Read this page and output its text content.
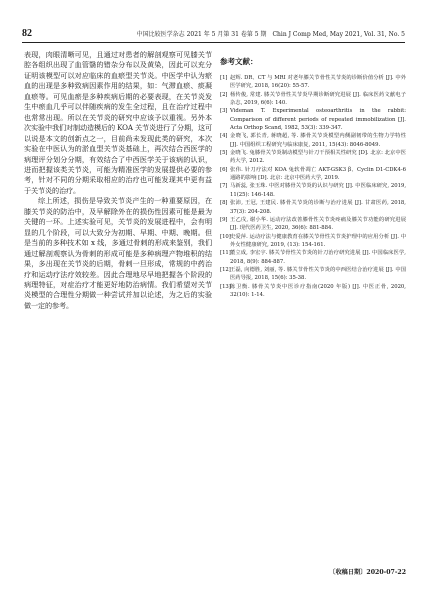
82	中国比较医学杂志 2021 年 5 月第 31 卷第 5 期　Chin J Comp Med, May 2021, Vol. 31, No. 5

表现，肉眼清晰可见，且通过对患者的解剖观察可见膝关节腔各组织出现了血管翳的错杂分布以及黄染，因此可以充分证明该模型可以对应临床的血瘀型关节炎。中医学中认为瘀血的出现是多种致病因素作用的结果，如：气滞血瘀、痰凝血瘀等。可见血瘀是多种疾病后期的必要表现，在关节炎发生中瘀血几乎可以伴随疾病的发生全过程，且在治疗过程中也常常出现。所以在关节炎的研究中应该予以重视。另外本次实验中我们对制动造模后的 KOA 关节炎进行了分期，这可以说是本文的创新点之一，目前尚未发现此类的研究，本次实验在中医认为的淤血型关节炎基础上，再次结合西医学的病理评分划分分期，有效结合了中西医学关于该病的认识，进而把握该类关节炎，可能为精准医学的发展提供必要的参考，针对不同的分期采取相应的治疗也可能发现其中更有益于关节炎的治疗。

综上所述，损伤是导致关节炎产生的一种重要原因，在膝关节炎的防治中，及早解除外在的损伤性因素可能是最为关键的一环。上述实验可见，关节炎的发展进程中，会有明显的几个阶段，可以大致分为初期、早期、中期、晚期。但是当前的多种技术如 x 线，多通过骨刺的形成来鉴别，我们通过解剖观察认为骨刺的形成可能是多种病理产物堆积的结果，多出现在关节炎的后期，骨刺一旦形成，常规的中药治疗和运动疗法疗效较差。因此合理地尽早地把握各个阶段的病理特征，对症治疗才能更好地防治病情。我们希望对关节炎模型的合理性分期做一种尝试并加以论述，为之后的实验做一定的参考。

参考文献：
[1] 赵辉. DR、CT 与 MRI 对老年膝关节骨性关节炎的诊断价值分析 [J]. 中外医学研究, 2018, 16(20): 55-57.
[2] 杨传俊, 常建. 膝关节骨性关节炎早期诊断研究进展 [J]. 临床医药文献电子杂志, 2019, 6(6): 140.
[3] Videman T. Experimental osteoarthritis in the rabbit: Comparison of different periods of repeated immobilization [J]. Acta Orthop Scand, 1982, 53(3): 339-347.
[4] 金晓飞, 郭长青, 蒋晓超, 等. 膝骨关节炎模型内侧副韧带的生物力学特性 [J]. 中国组织工程研究与临床康复, 2011, 15(43): 8046-8049.
[5] 金晓飞. 兔膝骨关节炎制动模型与针刀干预相关性研究 [D]. 北京: 北京中医药大学, 2012.
[6] 张伟. 针刀疗法对 KOA 兔软骨凋亡 AKT-GSK3 β、Cyclin D1-CDK4-6 通路的影响 [D]. 北京: 北京中医药大学, 2019.
[7] 马新蕊, 张玉珠. 中医对膝骨关节炎的认识与研究 [J]. 中医临床研究, 2019, 11(25): 146-148.
[8] 张沛, 王冠, 王建民. 膝骨关节炎的诊断与治疗进展 [J]. 甘肃医药, 2018, 37(3): 204-208.
[9] 王乙戌, 谢小华. 运动疗法改善膝骨性关节炎疼痛及膝关节功能的研究进展 [J]. 现代医药卫生, 2020, 36(6): 881-884.
[10] 史爱萍. 运动疗法与健康教育在膝关节骨性关节炎护理中的应用分析 [J]. 中外女性健康研究, 2019, (13): 154-161.
[11] 董立成, 李宏宇. 膝关节骨性关节炎的针刀治疗研究进展 [J]. 中国临床医学, 2018, 8(9): 884-887.
[12] 王磊, 向德胜, 刘丽, 等. 膝关节骨性关节炎的中西医结合治疗进展 [J]. 中国医药导报, 2018, 15(6): 35-38.
[13] 陈卫衡. 膝骨关节炎中医诊疗指南(2020 年版) [J]. 中医正骨, 2020, 32(10): 1-14.
〔收稿日期〕2020-07-22
